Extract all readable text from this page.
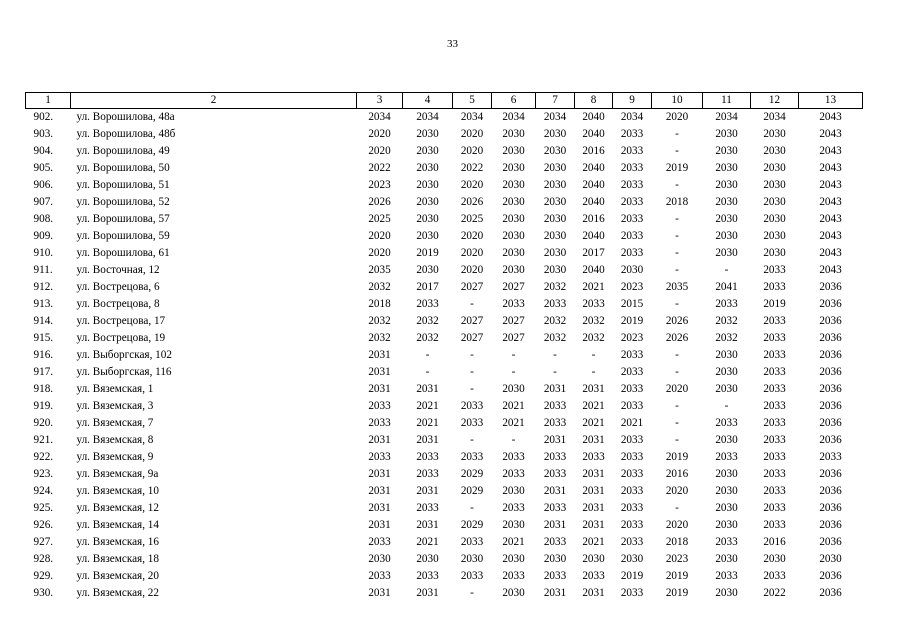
33
1	2	3	4	5	6	7	8	9	10	11	12	13
902.	ул. Ворошилова, 48а	2034	2034	2034	2034	2034	2040	2034	2020	2034	2034	2043
903.	ул. Ворошилова, 48б	2020	2030	2020	2030	2030	2040	2033	-	2030	2030	2043
904.	ул. Ворошилова, 49	2020	2030	2020	2030	2030	2016	2033	-	2030	2030	2043
905.	ул. Ворошилова, 50	2022	2030	2022	2030	2030	2040	2033	2019	2030	2030	2043
906.	ул. Ворошилова, 51	2023	2030	2020	2030	2030	2040	2033	-	2030	2030	2043
907.	ул. Ворошилова, 52	2026	2030	2026	2030	2030	2040	2033	2018	2030	2030	2043
908.	ул. Ворошилова, 57	2025	2030	2025	2030	2030	2016	2033	-	2030	2030	2043
909.	ул. Ворошилова, 59	2020	2030	2020	2030	2030	2040	2033	-	2030	2030	2043
910.	ул. Ворошилова, 61	2020	2019	2020	2030	2030	2017	2033	-	2030	2030	2043
911.	ул. Восточная, 12	2035	2030	2020	2030	2030	2040	2030	-	-	2033	2043
912.	ул. Вострецова, 6	2032	2017	2027	2027	2032	2021	2023	2035	2041	2033	2036
913.	ул. Вострецова, 8	2018	2033	-	2033	2033	2033	2015	-	2033	2019	2036
914.	ул. Вострецова, 17	2032	2032	2027	2027	2032	2032	2019	2026	2032	2033	2036
915.	ул. Вострецова, 19	2032	2032	2027	2027	2032	2032	2023	2026	2032	2033	2036
916.	ул. Выборгская, 102	2031	-	-	-	-	-	2033	-	2030	2033	2036
917.	ул. Выборгская, 116	2031	-	-	-	-	-	2033	-	2030	2033	2036
918.	ул. Вяземская, 1	2031	2031	-	2030	2031	2031	2033	2020	2030	2033	2036
919.	ул. Вяземская, 3	2033	2021	2033	2021	2033	2021	2033	-	-	2033	2036
920.	ул. Вяземская, 7	2033	2021	2033	2021	2033	2021	2021	-	2033	2033	2036
921.	ул. Вяземская, 8	2031	2031	-	-	2031	2031	2033	-	2030	2033	2036
922.	ул. Вяземская, 9	2033	2033	2033	2033	2033	2033	2033	2019	2033	2033	2033
923.	ул. Вяземская, 9а	2031	2033	2029	2033	2033	2031	2033	2016	2030	2033	2036
924.	ул. Вяземская, 10	2031	2031	2029	2030	2031	2031	2033	2020	2030	2033	2036
925.	ул. Вяземская, 12	2031	2033	-	2033	2033	2031	2033	-	2030	2033	2036
926.	ул. Вяземская, 14	2031	2031	2029	2030	2031	2031	2033	2020	2030	2033	2036
927.	ул. Вяземская, 16	2033	2021	2033	2021	2033	2021	2033	2018	2033	2016	2036
928.	ул. Вяземская, 18	2030	2030	2030	2030	2030	2030	2030	2023	2030	2030	2030
929.	ул. Вяземская, 20	2033	2033	2033	2033	2033	2033	2019	2019	2033	2033	2036
930.	ул. Вяземская, 22	2031	2031	-	2030	2031	2031	2033	2019	2030	2022	2036
